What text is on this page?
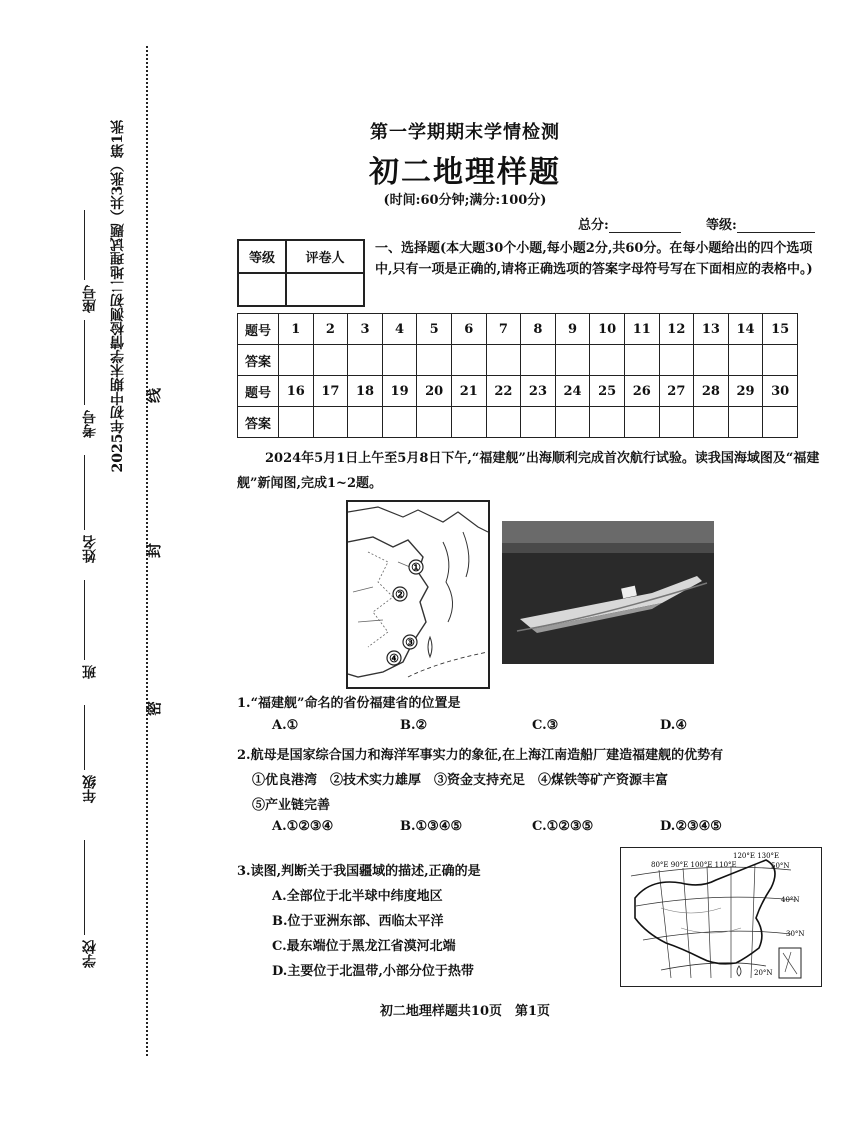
2025年初中期末学情检测初二地理试题（共3张）第1张
学校
年级
班
姓名
考号
座号
线
封
密
第一学期期末学情检测
初二地理样题
(时间:60分钟;满分:100分)
总分:	等级:
等级	评卷人

一、选择题(本大题30个小题,每小题2分,共60分。在每小题给出的四个选项中,只有一项是正确的,请将正确选项的答案字母符号写在下面相应的表格中。)
题号	1	2	3	4	5	6	7	8	9	10	11	12	13	14	15
答案															
题号	16	17	18	19	20	21	22	23	24	25	26	27	28	29	30
答案															
2024年5月1日上午至5月8日下午,“福建舰”出海顺利完成首次航行试验。读我国海域图及“福建舰”新闻图,完成1~2题。
①
②
③
④
1.“福建舰”命名的省份福建省的位置是
A.①	B.②	C.③	D.④
2.航母是国家综合国力和海洋军事实力的象征,在上海江南造船厂建造福建舰的优势有
①优良港湾　②技术实力雄厚　③资金支持充足　④煤铁等矿产资源丰富
⑤产业链完善
A.①②③④	B.①③④⑤	C.①②③⑤	D.②③④⑤
3.读图,判断关于我国疆域的描述,正确的是
A.全部位于北半球中纬度地区
B.位于亚洲东部、西临太平洋
C.最东端位于黑龙江省漠河北端
D.主要位于北温带,小部分位于热带
120°E 130°E
80°E 90°E 100°E 110°E	50°N
40°N
30°N
20°N
初二地理样题共10页　第1页
